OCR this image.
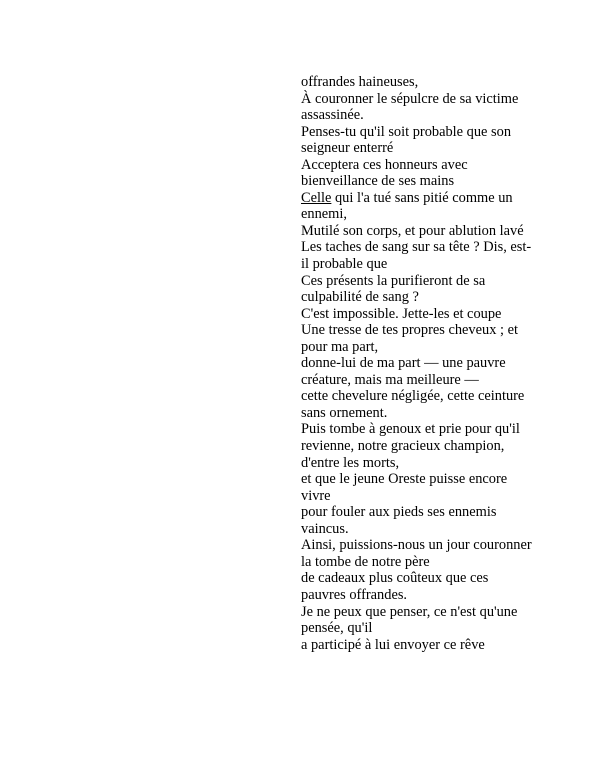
offrandes haineuses,
À couronner le sépulcre de sa victime assassinée.
Penses-tu qu'il soit probable que son seigneur enterré
Acceptera ces honneurs avec bienveillance de ses mains
Celle qui l'a tué sans pitié comme un ennemi,
Mutilé son corps, et pour ablution lavé
Les taches de sang sur sa tête ? Dis, est-il probable que
Ces présents la purifieront de sa culpabilité de sang ?
C'est impossible. Jette-les et coupe
Une tresse de tes propres cheveux ; et pour ma part,
donne-lui de ma part — une pauvre créature, mais ma meilleure —
cette chevelure négligée, cette ceinture sans ornement.
Puis tombe à genoux et prie pour qu'il
revienne, notre gracieux champion, d'entre les morts,
et que le jeune Oreste puisse encore vivre
pour fouler aux pieds ses ennemis vaincus.
Ainsi, puissions-nous un jour couronner la tombe de notre père
de cadeaux plus coûteux que ces pauvres offrandes.
Je ne peux que penser, ce n'est qu'une pensée, qu'il
a participé à lui envoyer ce rêve
